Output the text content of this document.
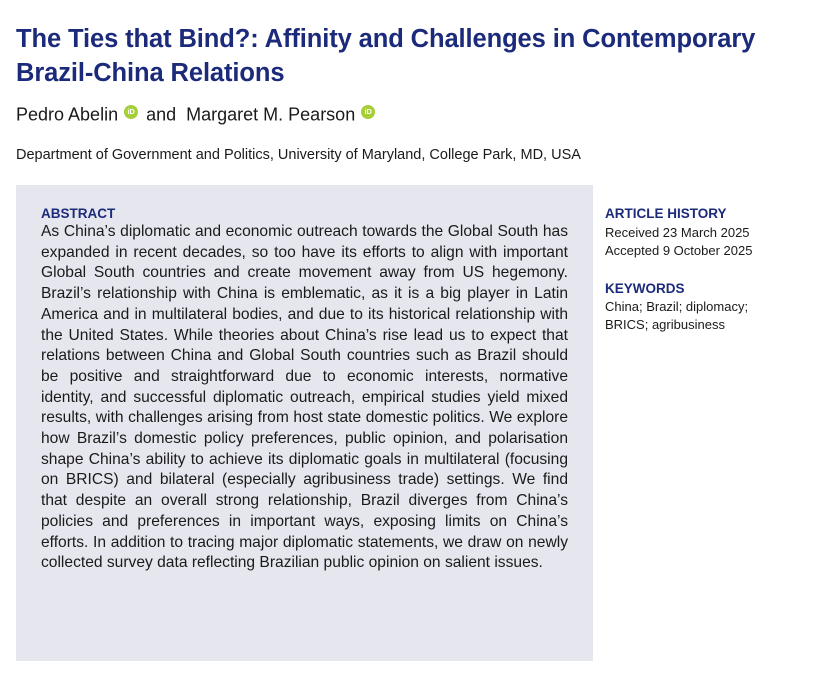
The Ties that Bind?: Affinity and Challenges in Contemporary Brazil-China Relations
Pedro Abelin iD and Margaret M. Pearson iD
Department of Government and Politics, University of Maryland, College Park, MD, USA
ABSTRACT

As China’s diplomatic and economic outreach towards the Global South has expanded in recent decades, so too have its efforts to align with important Global South countries and create movement away from US hegemony. Brazil’s relationship with China is emblematic, as it is a big player in Latin America and in multilateral bodies, and due to its historical relationship with the United States. While theories about China’s rise lead us to expect that relations between China and Global South countries such as Brazil should be positive and straightforward due to economic interests, normative identity, and successful diplomatic outreach, empirical studies yield mixed results, with challenges arising from host state domestic politics. We explore how Brazil’s domestic policy preferences, public opinion, and polarisation shape China’s ability to achieve its diplomatic goals in multilateral (focusing on BRICS) and bilateral (especially agribusiness trade) settings. We find that despite an overall strong relationship, Brazil diverges from China’s policies and preferences in important ways, exposing limits on China’s efforts. In addition to tracing major diplomatic statements, we draw on newly collected survey data reflecting Brazilian public opinion on salient issues.

ARTICLE HISTORY

Received 23 March 2025

Accepted 9 October 2025

KEYWORDS

China; Brazil; diplomacy;

BRICS; agribusiness
